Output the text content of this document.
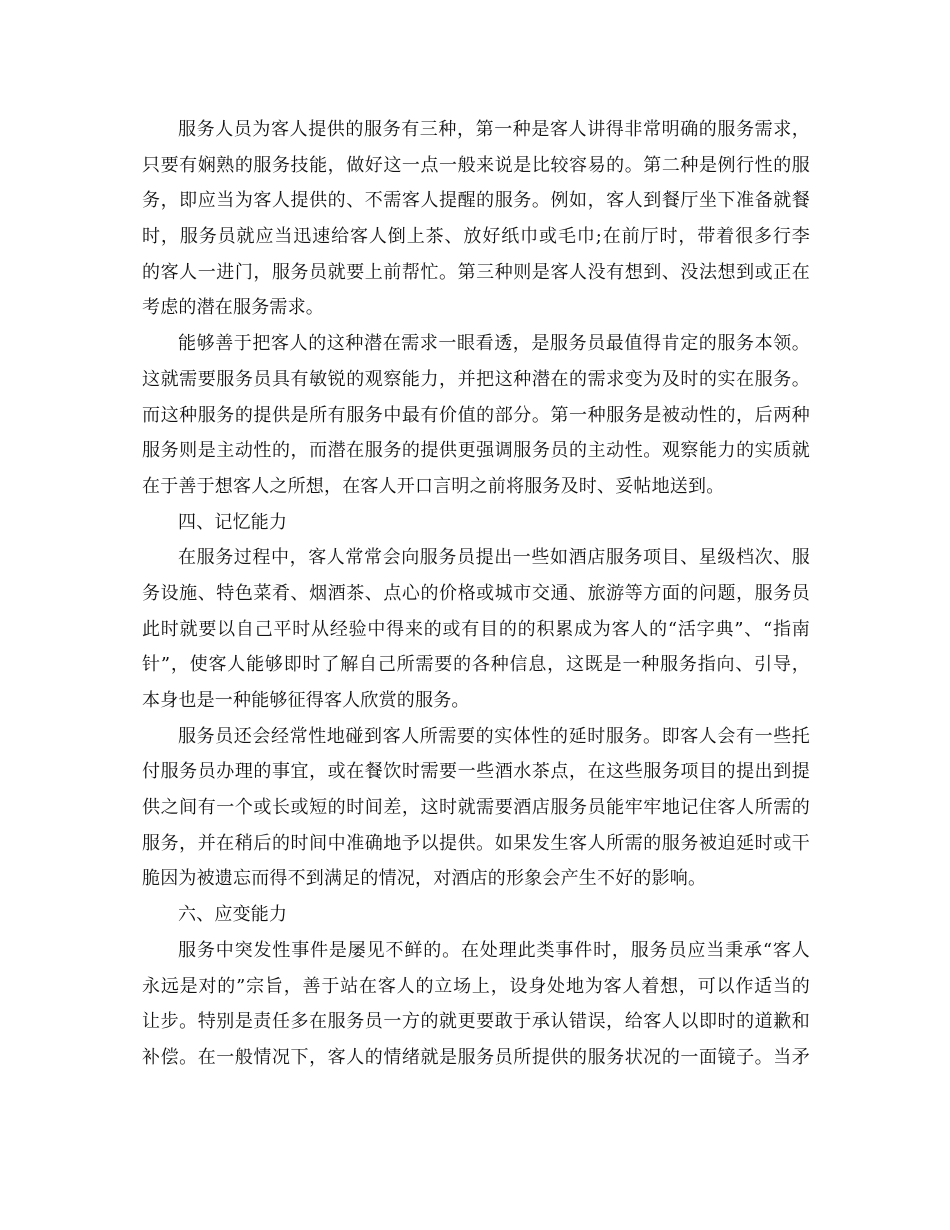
服务人员为客人提供的服务有三种，第一种是客人讲得非常明确的服务需求，
只要有娴熟的服务技能，做好这一点一般来说是比较容易的。第二种是例行性的服
务，即应当为客人提供的、不需客人提醒的服务。例如，客人到餐厅坐下准备就餐
时，服务员就应当迅速给客人倒上茶、放好纸巾或毛巾;在前厅时，带着很多行李
的客人一进门，服务员就要上前帮忙。第三种则是客人没有想到、没法想到或正在
考虑的潜在服务需求。
能够善于把客人的这种潜在需求一眼看透，是服务员最值得肯定的服务本领。
这就需要服务员具有敏锐的观察能力，并把这种潜在的需求变为及时的实在服务。
而这种服务的提供是所有服务中最有价值的部分。第一种服务是被动性的，后两种
服务则是主动性的，而潜在服务的提供更强调服务员的主动性。观察能力的实质就
在于善于想客人之所想，在客人开口言明之前将服务及时、妥帖地送到。
四、记忆能力
在服务过程中，客人常常会向服务员提出一些如酒店服务项目、星级档次、服
务设施、特色菜肴、烟酒茶、点心的价格或城市交通、旅游等方面的问题，服务员
此时就要以自己平时从经验中得来的或有目的的积累成为客人的“活字典”、“指南
针”，使客人能够即时了解自己所需要的各种信息，这既是一种服务指向、引导，
本身也是一种能够征得客人欣赏的服务。
服务员还会经常性地碰到客人所需要的实体性的延时服务。即客人会有一些托
付服务员办理的事宜，或在餐饮时需要一些酒水茶点，在这些服务项目的提出到提
供之间有一个或长或短的时间差，这时就需要酒店服务员能牢牢地记住客人所需的
服务，并在稍后的时间中准确地予以提供。如果发生客人所需的服务被迫延时或干
脆因为被遗忘而得不到满足的情况，对酒店的形象会产生不好的影响。
六、应变能力
服务中突发性事件是屡见不鲜的。在处理此类事件时，服务员应当秉承“客人
永远是对的”宗旨，善于站在客人的立场上，设身处地为客人着想，可以作适当的
让步。特别是责任多在服务员一方的就更要敢于承认错误，给客人以即时的道歉和
补偿。在一般情况下，客人的情绪就是服务员所提供的服务状况的一面镜子。当矛
